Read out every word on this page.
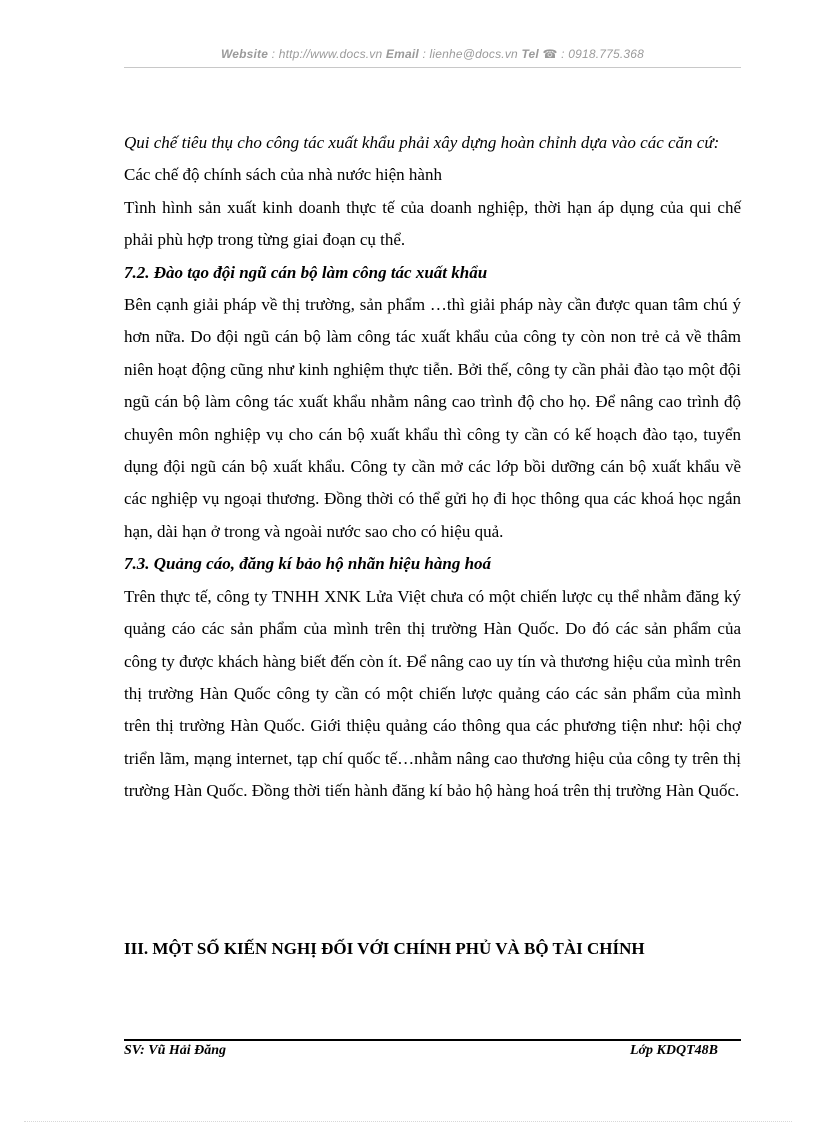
Website : http://www.docs.vn Email : lienhe@docs.vn Tel ☎ : 0918.775.368

Qui chế tiêu thụ cho công tác xuất khẩu phải xây dựng hoàn chỉnh dựa vào các căn cứ:

Các chế độ chính sách của nhà nước hiện hành

Tình hình sản xuất kinh doanh thực tế của doanh nghiệp, thời hạn áp dụng của qui chế phải phù hợp trong từng giai đoạn cụ thể.

7.2. Đào tạo đội ngũ cán bộ làm công tác xuất khẩu

Bên cạnh giải pháp về thị trường, sản phẩm …thì giải pháp này cần được quan tâm chú ý hơn nữa. Do đội ngũ cán bộ làm công tác xuất khẩu của công ty còn non trẻ cả về thâm niên hoạt động cũng như kinh nghiệm thực tiễn. Bởi thế, công ty cần phải đào tạo một đội ngũ cán bộ làm công tác xuất khẩu nhằm nâng cao trình độ cho họ. Để nâng cao trình độ chuyên môn nghiệp vụ cho cán bộ xuất khẩu thì công ty cần có kế hoạch đào tạo, tuyển dụng đội ngũ cán bộ xuất khẩu. Công ty cần mở các lớp bồi dưỡng cán bộ xuất khẩu về các nghiệp vụ ngoại thương. Đồng thời có thể gửi họ đi học thông qua các khoá học ngắn hạn, dài hạn ở trong và ngoài nước sao cho có hiệu quả.

7.3. Quảng cáo, đăng kí bảo hộ nhãn hiệu hàng hoá

Trên thực tế, công ty TNHH XNK Lửa Việt chưa có một chiến lược cụ thể nhằm đăng ký quảng cáo các sản phẩm của mình trên thị trường Hàn Quốc. Do đó các sản phẩm của công ty được khách hàng biết đến còn ít. Để nâng cao uy tín và thương hiệu của mình trên thị trường Hàn Quốc công ty cần có một chiến lược quảng cáo các sản phẩm của mình trên thị trường Hàn Quốc. Giới thiệu quảng cáo thông qua các phương tiện như: hội chợ triển lãm, mạng internet, tạp chí quốc tế…nhằm nâng cao thương hiệu của công ty trên thị trường Hàn Quốc. Đồng thời tiến hành đăng kí bảo hộ hàng hoá trên thị trường Hàn Quốc.

III. MỘT SỐ KIẾN NGHỊ ĐỐI VỚI CHÍNH PHỦ VÀ BỘ TÀI CHÍNH

SV: Vũ Hải Đăng	Lớp KDQT48B
